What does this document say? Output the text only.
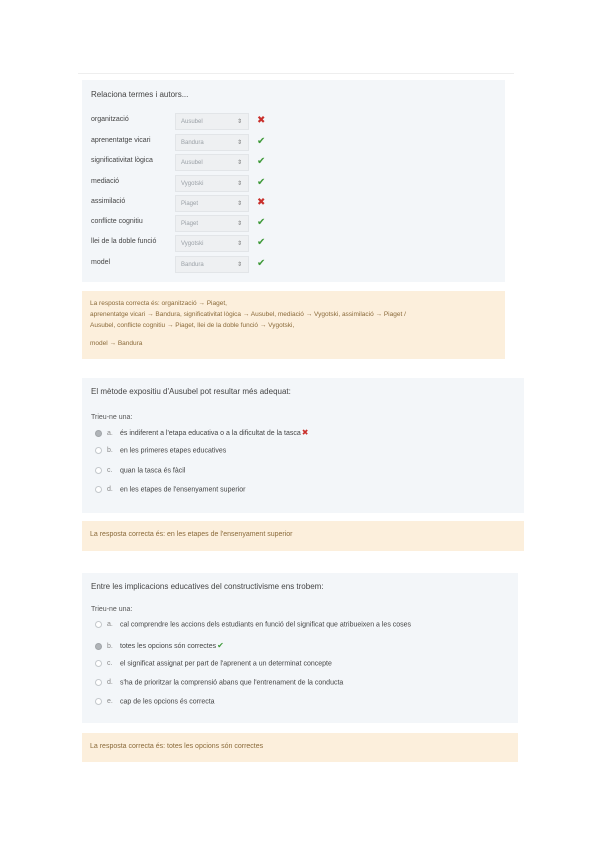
Relaciona termes i autors...
organització	Ausubel	⇕ ✖
aprenentatge vicari	Bandura	⇕ ✔
significativitat lògica	Ausubel	⇕ ✔
mediació	Vygotski	⇕ ✔
assimilació	Piaget	⇕ ✖
conflicte cognitiu	Piaget	⇕ ✔
llei de la doble funció	Vygotski	⇕ ✔
model	Bandura	⇕ ✔
La resposta correcta és: organització → Piaget,
aprenentatge vicari → Bandura, significativitat lògica → Ausubel, mediació → Vygotski, assimilació → Piaget /
Ausubel, conflicte cognitiu → Piaget, llei de la doble funció → Vygotski,
model → Bandura
El mètode expositiu d'Ausubel pot resultar més adequat:
Trieu-ne una:
a. és indiferent a l'etapa educativa o a la dificultat de la tasca✖
b. en les primeres etapes educatives
c. quan la tasca és fàcil
d. en les etapes de l'ensenyament superior
La resposta correcta és: en les etapes de l'ensenyament superior
Entre les implicacions educatives del constructivisme ens trobem:
Trieu-ne una:
a. cal comprendre les accions dels estudiants en funció del significat que atribueixen a les coses
b. totes les opcions són correctes✔
c. el significat assignat per part de l'aprenent a un determinat concepte
d. s'ha de prioritzar la comprensió abans que l'entrenament de la conducta
e. cap de les opcions és correcta
La resposta correcta és: totes les opcions són correctes
